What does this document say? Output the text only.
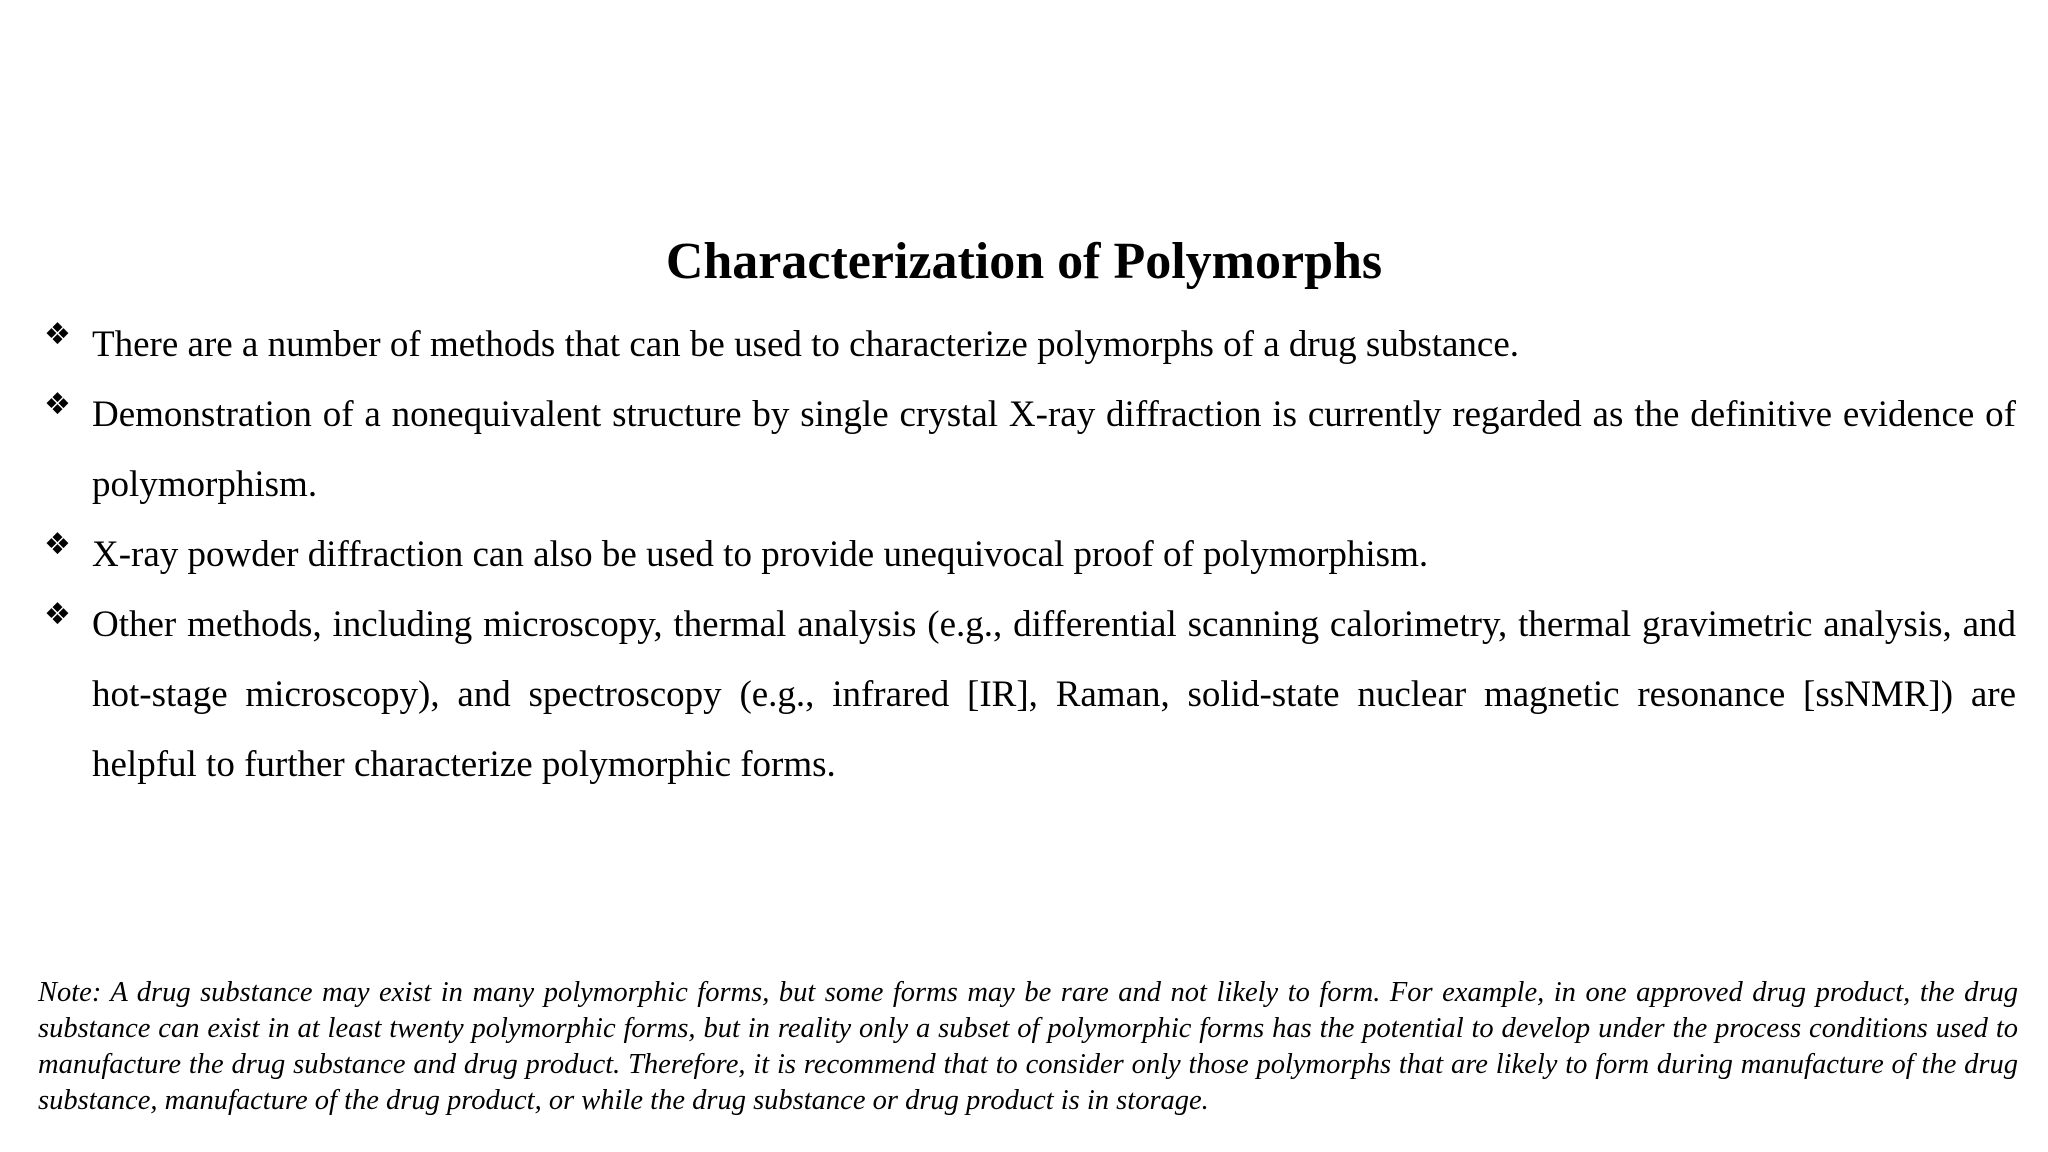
Characterization of Polymorphs
❖ There are a number of methods that can be used to characterize polymorphs of a drug substance.
❖ Demonstration of a nonequivalent structure by single crystal X-ray diffraction is currently regarded as the definitive evidence of polymorphism.
❖ X-ray powder diffraction can also be used to provide unequivocal proof of polymorphism.
❖ Other methods, including microscopy, thermal analysis (e.g., differential scanning calorimetry, thermal gravimetric analysis, and hot-stage microscopy), and spectroscopy (e.g., infrared [IR], Raman, solid-state nuclear magnetic resonance [ssNMR]) are helpful to further characterize polymorphic forms.
Note: A drug substance may exist in many polymorphic forms, but some forms may be rare and not likely to form. For example, in one approved drug product, the drug substance can exist in at least twenty polymorphic forms, but in reality only a subset of polymorphic forms has the potential to develop under the process conditions used to manufacture the drug substance and drug product. Therefore, it is recommend that to consider only those polymorphs that are likely to form during manufacture of the drug substance, manufacture of the drug product, or while the drug substance or drug product is in storage.
